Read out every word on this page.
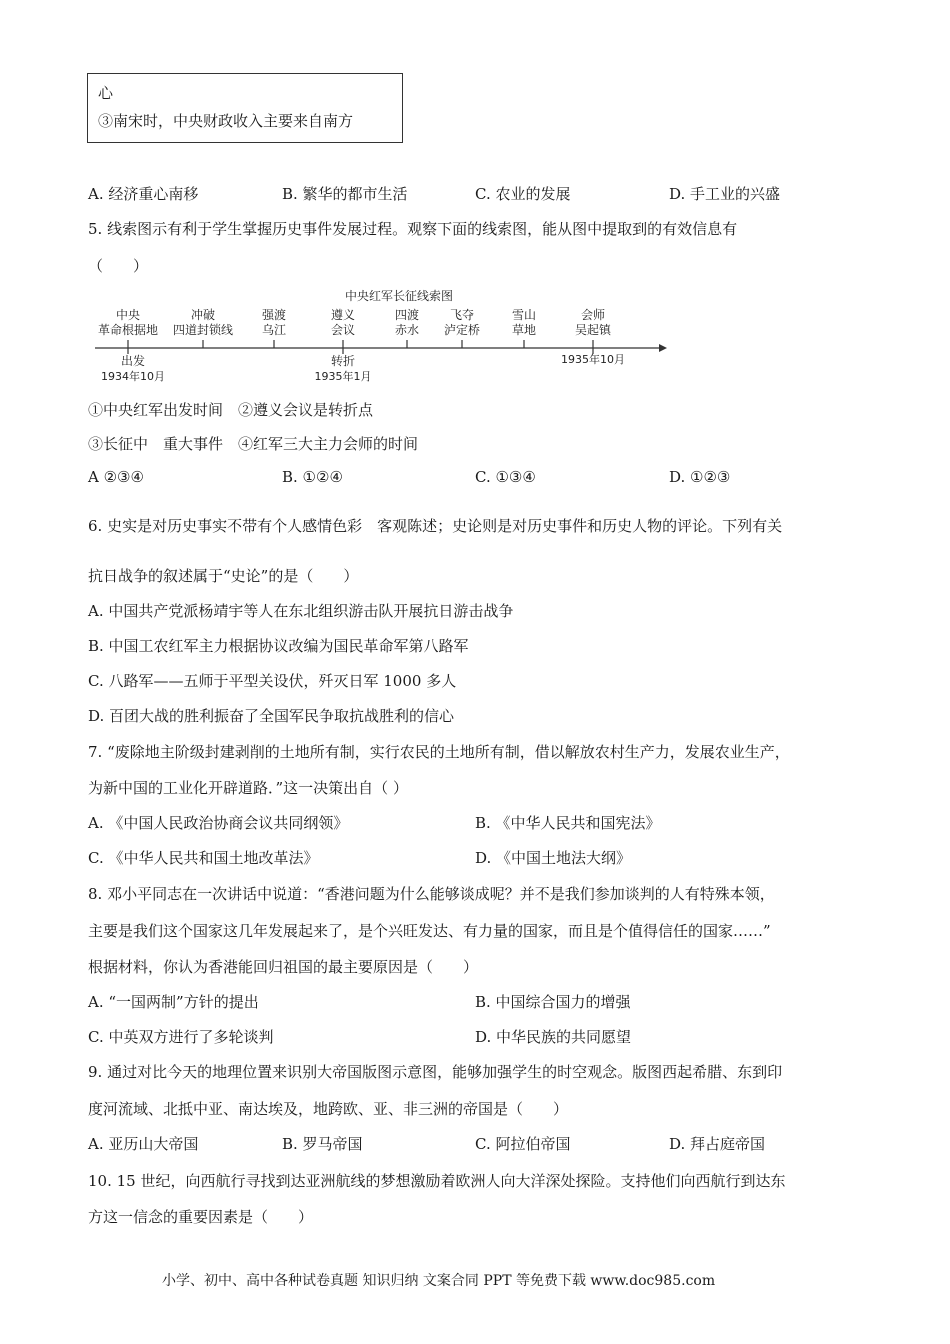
心
③南宋时，中央财政收入主要来自南方
A. 经济重心南移	B. 繁华的都市生活	C. 农业的发展	D. 手工业的兴盛
5. 线索图示有利于学生掌握历史事件发展过程。观察下面的线索图，能从图中提取到的有效信息有
（　　）
中央红军长征线索图
中央
革命根据地
冲破
四道封锁线
强渡
乌江
遵义
会议
四渡
赤水
飞夺
泸定桥
雪山
草地
会师
吴起镇
出发
1934年10月
转折
1935年1月
1935年10月
①中央红军出发时间　②遵义会议是转折点
③长征中　重大事件　④红军三大主力会师的时间
A ②③④	B. ①②④	C. ①③④	D. ①②③
6. 史实是对历史事实不带有个人感情色彩　客观陈述；史论则是对历史事件和历史人物的评论。下列有关
抗日战争的叙述属于“史论”的是（　　）
A. 中国共产党派杨靖宇等人在东北组织游击队开展抗日游击战争
B. 中国工农红军主力根据协议改编为国民革命军第八路军
C. 八路军——五师于平型关设伏，歼灭日军 1000 多人
D. 百团大战的胜利振奋了全国军民争取抗战胜利的信心
7. “废除地主阶级封建剥削的土地所有制，实行农民的土地所有制，借以解放农村生产力，发展农业生产，
为新中国的工业化开辟道路．”这一决策出自（ ）
A. 《中国人民政治协商会议共同纲领》	B. 《中华人民共和国宪法》
C. 《中华人民共和国土地改革法》	D. 《中国土地法大纲》
8. 邓小平同志在一次讲话中说道：“香港问题为什么能够谈成呢？并不是我们参加谈判的人有特殊本领，
主要是我们这个国家这几年发展起来了，是个兴旺发达、有力量的国家，而且是个值得信任的国家……”
根据材料，你认为香港能回归祖国的最主要原因是（　　）
A. “一国两制”方针的提出	B. 中国综合国力的增强
C. 中英双方进行了多轮谈判	D. 中华民族的共同愿望
9. 通过对比今天的地理位置来识别大帝国版图示意图，能够加强学生的时空观念。版图西起希腊、东到印
度河流域、北抵中亚、南达埃及，地跨欧、亚、非三洲的帝国是（　　）
A. 亚历山大帝国	B. 罗马帝国	C. 阿拉伯帝国	D. 拜占庭帝国
10. 15 世纪，向西航行寻找到达亚洲航线的梦想激励着欧洲人向大洋深处探险。支持他们向西航行到达东
方这一信念的重要因素是（　　）
小学、初中、高中各种试卷真题 知识归纳 文案合同 PPT 等免费下载 www.doc985.com
